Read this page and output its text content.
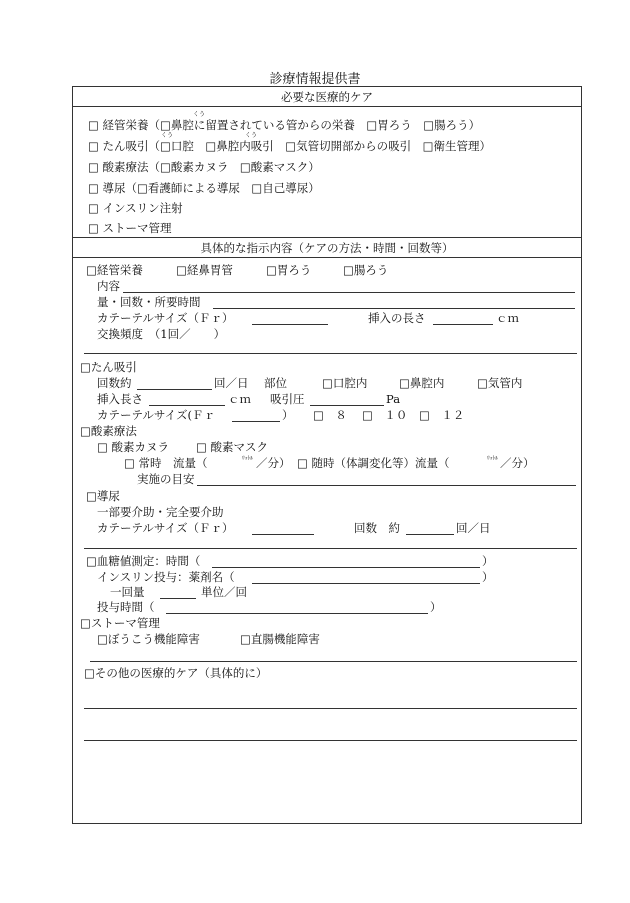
診療情報提供書
必要な医療的ケア
くう
くう	くう
□ 経管栄養（□鼻腔に留置されている管からの栄養　□胃ろう　□腸ろう）
□ たん吸引（□口腔　□鼻腔内吸引　□気管切開部からの吸引　□衛生管理）
□ 酸素療法（□酸素カヌラ　□酸素マスク）
□ 導尿（□看護師による導尿　□自己導尿）
□ インスリン注射
□ ストーマ管理
具体的な指示内容（ケアの方法・時間・回数等）
□経管栄養	□経鼻胃管	□胃ろう	□腸ろう
内容
量・回数・所要時間
カテーテルサイズ（Ｆｒ）	挿入の長さ	ｃｍ
交換頻度　（1回／　　）
□たん吸引
回数約	回／日 部位	□口腔内	□鼻腔内	□気管内
挿入長さ	ｃｍ 吸引圧	Pa
カテーテルサイズ(Ｆｒ	） □　８ □　１０ □　１２
□酸素療法
□ 酸素カヌラ □ 酸素マスク
□ 常時　流量（	ﾘｯﾄﾙ ／分） □ 随時（体調変化等）流量（	ﾘｯﾄﾙ ／分）
実施の目安
□導尿
一部要介助・完全要介助
カテーテルサイズ（Ｆｒ）	回数　約	回／日
□血糖値測定：時間（	）
インスリン投与：薬剤名（	）
一回量	単位／回
投与時間（	）
□ストーマ管理
□ぼうこう機能障害	□直腸機能障害
□その他の医療的ケア（具体的に）
